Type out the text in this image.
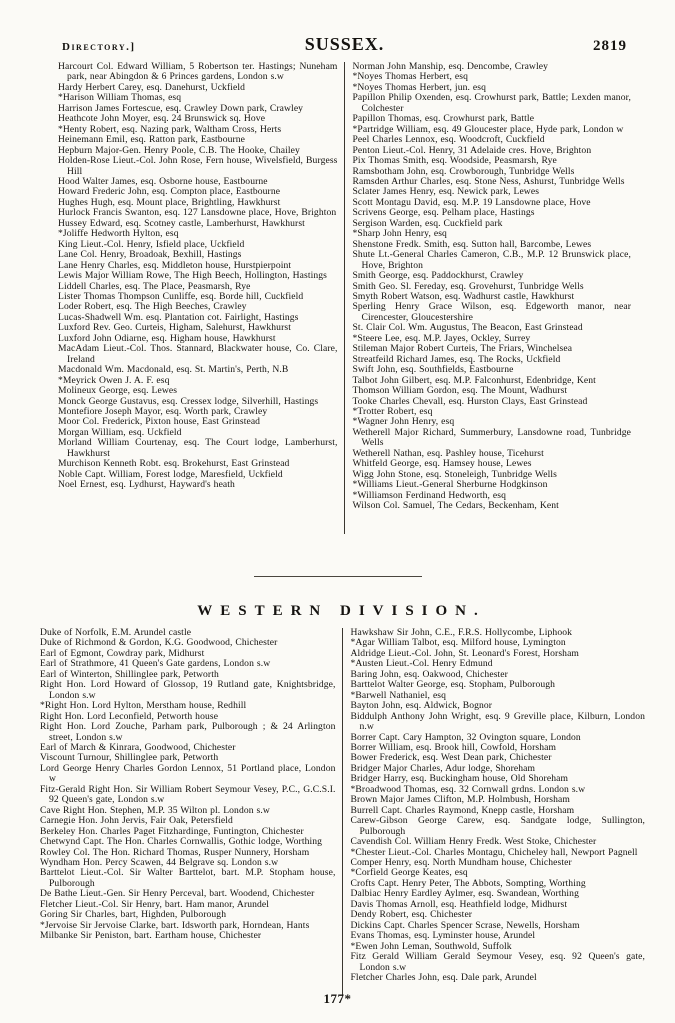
Directory.]	SUSSEX.	2819

Harcourt Col. Edward William, 5 Robertson ter. Hastings; Nuneham park, near Abingdon & 6 Princes gardens, London s.w

Hardy Herbert Carey, esq. Danehurst, Uckfield

*Harison William Thomas, esq

Harrison James Fortescue, esq. Crawley Down park, Crawley

Heathcote John Moyer, esq. 24 Brunswick sq. Hove

*Henty Robert, esq. Nazing park, Waltham Cross, Herts

Heinemann Emil, esq. Ratton park, Eastbourne

Hepburn Major-Gen. Henry Poole, C.B. The Hooke, Chailey

Holden-Rose Lieut.-Col. John Rose, Fern house, Wivelsfield, Burgess Hill

Hood Walter James, esq. Osborne house, Eastbourne

Howard Frederic John, esq. Compton place, Eastbourne

Hughes Hugh, esq. Mount place, Brightling, Hawkhurst

Hurlock Francis Swanton, esq. 127 Lansdowne place, Hove, Brighton

Hussey Edward, esq. Scotney castle, Lamberhurst, Hawkhurst

*Joliffe Hedworth Hylton, esq

King Lieut.-Col. Henry, Isfield place, Uckfield

Lane Col. Henry, Broadoak, Bexhill, Hastings

Lane Henry Charles, esq. Middleton house, Hurstpierpoint

Lewis Major William Rowe, The High Beech, Hollington, Hastings

Liddell Charles, esq. The Place, Peasmarsh, Rye

Lister Thomas Thompson Cunliffe, esq. Borde hill, Cuckfield

Loder Robert, esq. The High Beeches, Crawley

Lucas-Shadwell Wm. esq. Plantation cot. Fairlight, Hastings

Luxford Rev. Geo. Curteis, Higham, Salehurst, Hawkhurst

Luxford John Odiarne, esq. Higham house, Hawkhurst

MacAdam Lieut.-Col. Thos. Stannard, Blackwater house, Co. Clare, Ireland

Macdonald Wm. Macdonald, esq. St. Martin's, Perth, N.B

*Meyrick Owen J. A. F. esq

Molineux George, esq. Lewes

Monck George Gustavus, esq. Cressex lodge, Silverhill, Hastings

Montefiore Joseph Mayor, esq. Worth park, Crawley

Moor Col. Frederick, Pixton house, East Grinstead

Morgan William, esq. Uckfield

Morland William Courtenay, esq. The Court lodge, Lamberhurst, Hawkhurst

Murchison Kenneth Robt. esq. Brokehurst, East Grinstead

Noble Capt. William, Forest lodge, Maresfield, Uckfield

Noel Ernest, esq. Lydhurst, Hayward's heath

Norman John Manship, esq. Dencombe, Crawley

*Noyes Thomas Herbert, esq

*Noyes Thomas Herbert, jun. esq

Papillon Philip Oxenden, esq. Crowhurst park, Battle; Lexden manor, Colchester

Papillon Thomas, esq. Crowhurst park, Battle

*Partridge William, esq. 49 Gloucester place, Hyde park, London w

Peel Charles Lennox, esq. Woodcroft, Cuckfield

Penton Lieut.-Col. Henry, 31 Adelaide cres. Hove, Brighton

Pix Thomas Smith, esq. Woodside, Peasmarsh, Rye

Ramsbotham John, esq. Crowborough, Tunbridge Wells

Ramsden Arthur Charles, esq. Stone Ness, Ashurst, Tunbridge Wells

Sclater James Henry, esq. Newick park, Lewes

Scott Montagu David, esq. M.P. 19 Lansdowne place, Hove

Scrivens George, esq. Pelham place, Hastings

Sergison Warden, esq. Cuckfield park

*Sharp John Henry, esq

Shenstone Fredk. Smith, esq. Sutton hall, Barcombe, Lewes

Shute Lt.-General Charles Cameron, C.B., M.P. 12 Brunswick place, Hove, Brighton

Smith George, esq. Paddockhurst, Crawley

Smith Geo. Sl. Fereday, esq. Grovehurst, Tunbridge Wells

Smyth Robert Watson, esq. Wadhurst castle, Hawkhurst

Sperling Henry Grace Wilson, esq. Edgeworth manor, near Cirencester, Gloucestershire

St. Clair Col. Wm. Augustus, The Beacon, East Grinstead

*Steere Lee, esq. M.P. Jayes, Ockley, Surrey

Stileman Major Robert Curteis, The Friars, Winchelsea

Streatfeild Richard James, esq. The Rocks, Uckfield

Swift John, esq. Southfields, Eastbourne

Talbot John Gilbert, esq. M.P. Falconhurst, Edenbridge, Kent

Thomson William Gordon, esq. The Mount, Wadhurst

Tooke Charles Chevall, esq. Hurston Clays, East Grinstead

*Trotter Robert, esq

*Wagner John Henry, esq

Wetherell Major Richard, Summerbury, Lansdowne road, Tunbridge Wells

Wetherell Nathan, esq. Pashley house, Ticehurst

Whitfeld George, esq. Hamsey house, Lewes

Wigg John Stone, esq. Stoneleigh, Tunbridge Wells

*Williams Lieut.-General Sherburne Hodgkinson

*Williamson Ferdinand Hedworth, esq

Wilson Col. Samuel, The Cedars, Beckenham, Kent

WESTERN DIVISION.

Duke of Norfolk, E.M. Arundel castle

Duke of Richmond & Gordon, K.G. Goodwood, Chichester

Earl of Egmont, Cowdray park, Midhurst

Earl of Strathmore, 41 Queen's Gate gardens, London s.w

Earl of Winterton, Shillinglee park, Petworth

Right Hon. Lord Howard of Glossop, 19 Rutland gate, Knightsbridge, London s.w

*Right Hon. Lord Hylton, Merstham house, Redhill

Right Hon. Lord Leconfield, Petworth house

Right Hon. Lord Zouche, Parham park, Pulborough ; & 24 Arlington street, London s.w

Earl of March & Kinrara, Goodwood, Chichester

Viscount Turnour, Shillinglee park, Petworth

Lord George Henry Charles Gordon Lennox, 51 Portland place, London w

Fitz-Gerald Right Hon. Sir William Robert Seymour Vesey, P.C., G.C.S.I. 92 Queen's gate, London s.w

Cave Right Hon. Stephen, M.P. 35 Wilton pl. London s.w

Carnegie Hon. John Jervis, Fair Oak, Petersfield

Berkeley Hon. Charles Paget Fitzhardinge, Funtington, Chichester

Chetwynd Capt. The Hon. Charles Cornwallis, Gothic lodge, Worthing

Rowley Col. The Hon. Richard Thomas, Rusper Nunnery, Horsham

Wyndham Hon. Percy Scawen, 44 Belgrave sq. London s.w

Barttelot Lieut.-Col. Sir Walter Barttelot, bart. M.P. Stopham house, Pulborough

De Bathe Lieut.-Gen. Sir Henry Perceval, bart. Woodend, Chichester

Fletcher Lieut.-Col. Sir Henry, bart. Ham manor, Arundel

Goring Sir Charles, bart, Highden, Pulborough

*Jervoise Sir Jervoise Clarke, bart. Idsworth park, Horndean, Hants

Milbanke Sir Peniston, bart. Eartham house, Chichester

Hawkshaw Sir John, C.E., F.R.S. Hollycombe, Liphook

*Agar William Talbot, esq. Milford house, Lymington

Aldridge Lieut.-Col. John, St. Leonard's Forest, Horsham

*Austen Lieut.-Col. Henry Edmund

Baring John, esq. Oakwood, Chichester

Barttelot Walter George, esq. Stopham, Pulborough

*Barwell Nathaniel, esq

Bayton John, esq. Aldwick, Bognor

Biddulph Anthony John Wright, esq. 9 Greville place, Kilburn, London n.w

Borrer Capt. Cary Hampton, 32 Ovington square, London

Borrer William, esq. Brook hill, Cowfold, Horsham

Bower Frederick, esq. West Dean park, Chichester

Bridger Major Charles, Adur lodge, Shoreham

Bridger Harry, esq. Buckingham house, Old Shoreham

*Broadwood Thomas, esq. 32 Cornwall grdns. London s.w

Brown Major James Clifton, M.P. Holmbush, Horsham

Burrell Capt. Charles Raymond, Knepp castle, Horsham

Carew-Gibson George Carew, esq. Sandgate lodge, Sullington, Pulborough

Cavendish Col. William Henry Fredk. West Stoke, Chichester

*Chester Lieut.-Col. Charles Montagu, Chicheley hall, Newport Pagnell

Comper Henry, esq. North Mundham house, Chichester

*Corfield George Keates, esq

Crofts Capt. Henry Peter, The Abbots, Sompting, Worthing

Dalbiac Henry Eardley Aylmer, esq. Swandean, Worthing

Davis Thomas Arnoll, esq. Heathfield lodge, Midhurst

Dendy Robert, esq. Chichester

Dickins Capt. Charles Spencer Scrase, Newells, Horsham

Evans Thomas, esq. Lyminster house, Arundel

*Ewen John Leman, Southwold, Suffolk

Fitz Gerald William Gerald Seymour Vesey, esq. 92 Queen's gate, London s.w

Fletcher Charles John, esq. Dale park, Arundel

177*
